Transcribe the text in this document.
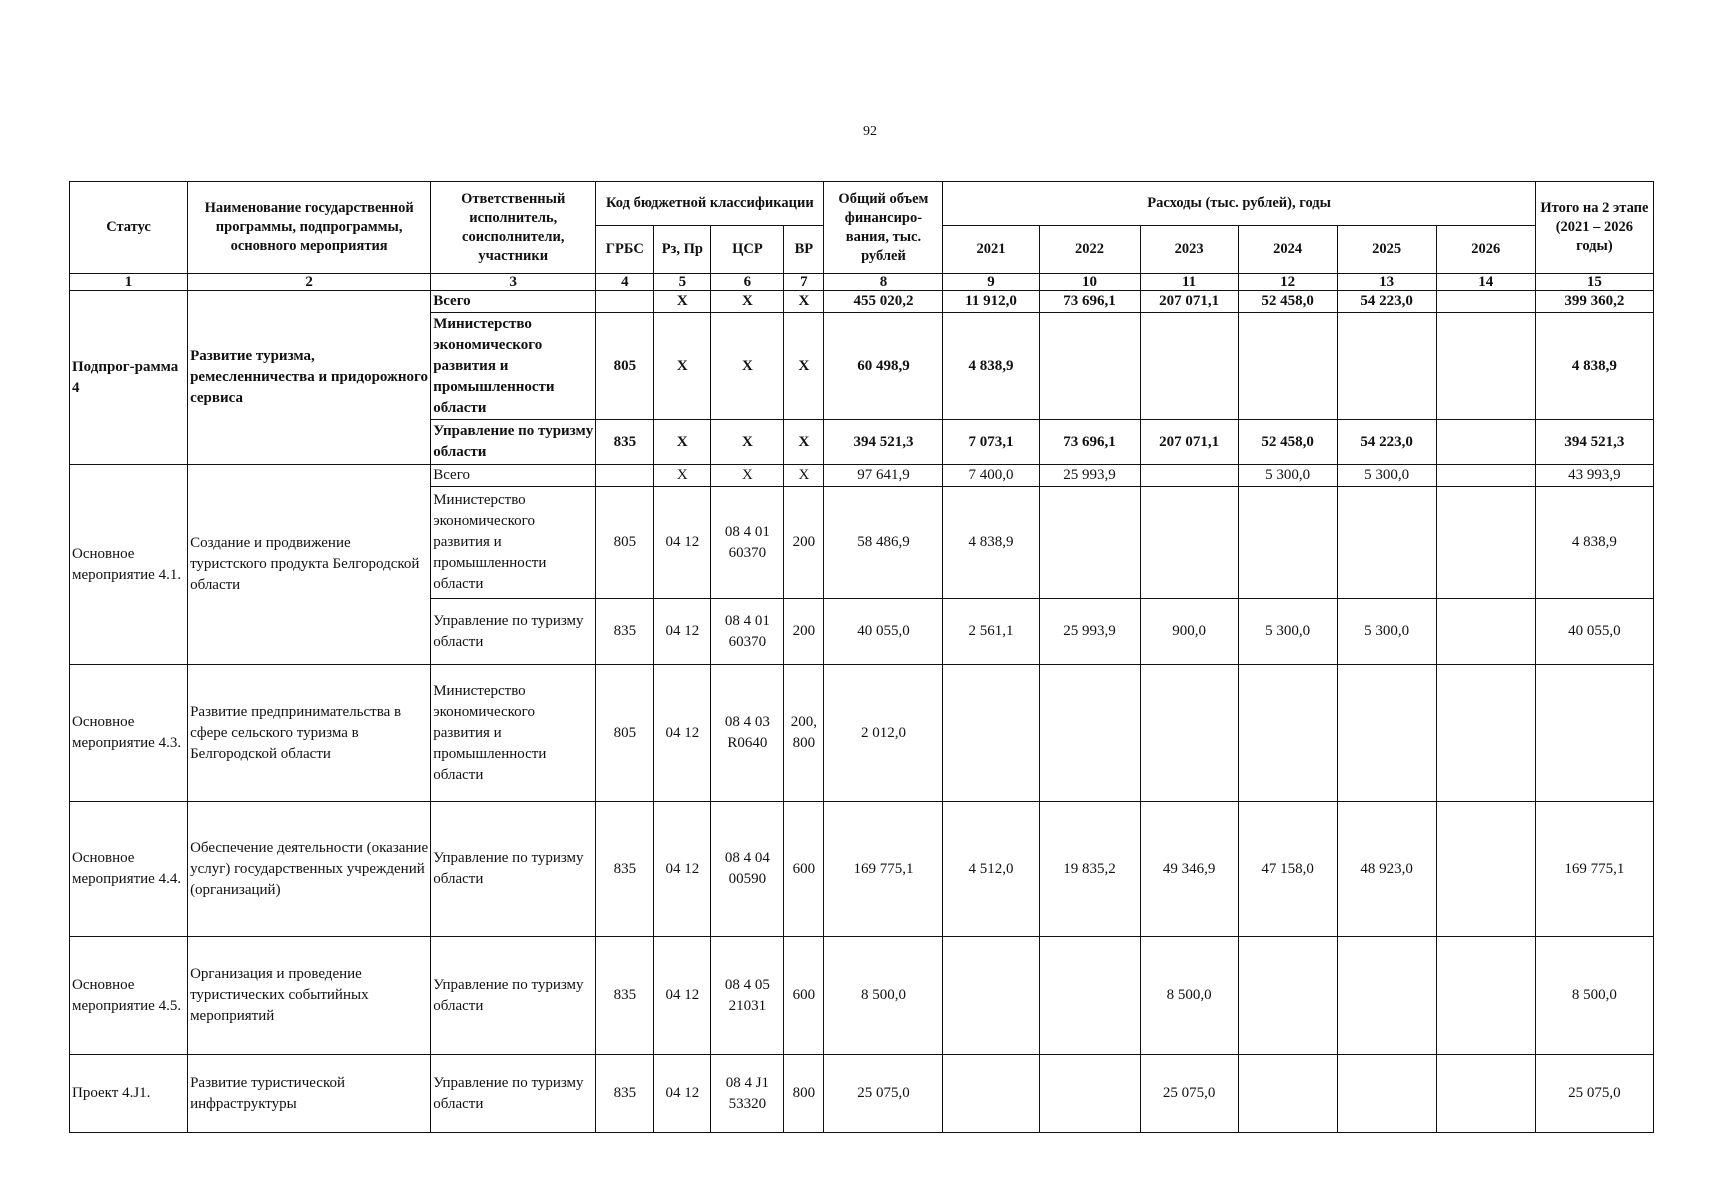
92
Статус	Наименование государственной программы, подпрограммы, основного мероприятия	Ответственный исполнитель, соисполнители, участники	Код бюджетной классификации				Общий объем финансиро-вания, тыс. рублей	Расходы (тыс. рублей), годы						Итого на 2 этапе (2021 – 2026 годы)
			ГРБС	Рз, Пр	ЦСР	ВР		2021	2022	2023	2024	2025	2026	
1	2	3	4	5	6	7	8	9	10	11	12	13	14	15
Подпрог-рамма 4	Развитие туризма, ремесленничества и придорожного сервиса	Всего		Х	Х	Х	455 020,2	11 912,0	73 696,1	207 071,1	52 458,0	54 223,0		399 360,2
		Министерство экономического развития и промышленности области	805	Х	Х	Х	60 498,9	4 838,9						4 838,9
		Управление по туризму области	835	Х	Х	Х	394 521,3	7 073,1	73 696,1	207 071,1	52 458,0	54 223,0		394 521,3
Основное мероприятие 4.1.	Создание и продвижение туристского продукта Белгородской области	Всего		Х	Х	Х	97 641,9	7 400,0	25 993,9		5 300,0	5 300,0		43 993,9
		Министерство экономического развития и промышленности области	805	04 12	08 4 01 60370	200	58 486,9	4 838,9						4 838,9
		Управление по туризму области	835	04 12	08 4 01 60370	200	40 055,0	2 561,1	25 993,9	900,0	5 300,0	5 300,0		40 055,0
Основное мероприятие 4.3.	Развитие предпринимательства в сфере сельского туризма в Белгородской области	Министерство экономического развития и промышленности области	805	04 12	08 4 03 R0640	200, 800	2 012,0							
Основное мероприятие 4.4.	Обеспечение деятельности (оказание услуг) государственных учреждений (организаций)	Управление по туризму области	835	04 12	08 4 04 00590	600	169 775,1	4 512,0	19 835,2	49 346,9	47 158,0	48 923,0		169 775,1
Основное мероприятие 4.5.	Организация и проведение туристических событийных мероприятий	Управление по туризму области	835	04 12	08 4 05 21031	600	8 500,0			8 500,0				8 500,0
Проект 4.J1.	Развитие туристической инфраструктуры	Управление по туризму области	835	04 12	08 4 J1 53320	800	25 075,0			25 075,0				25 075,0
